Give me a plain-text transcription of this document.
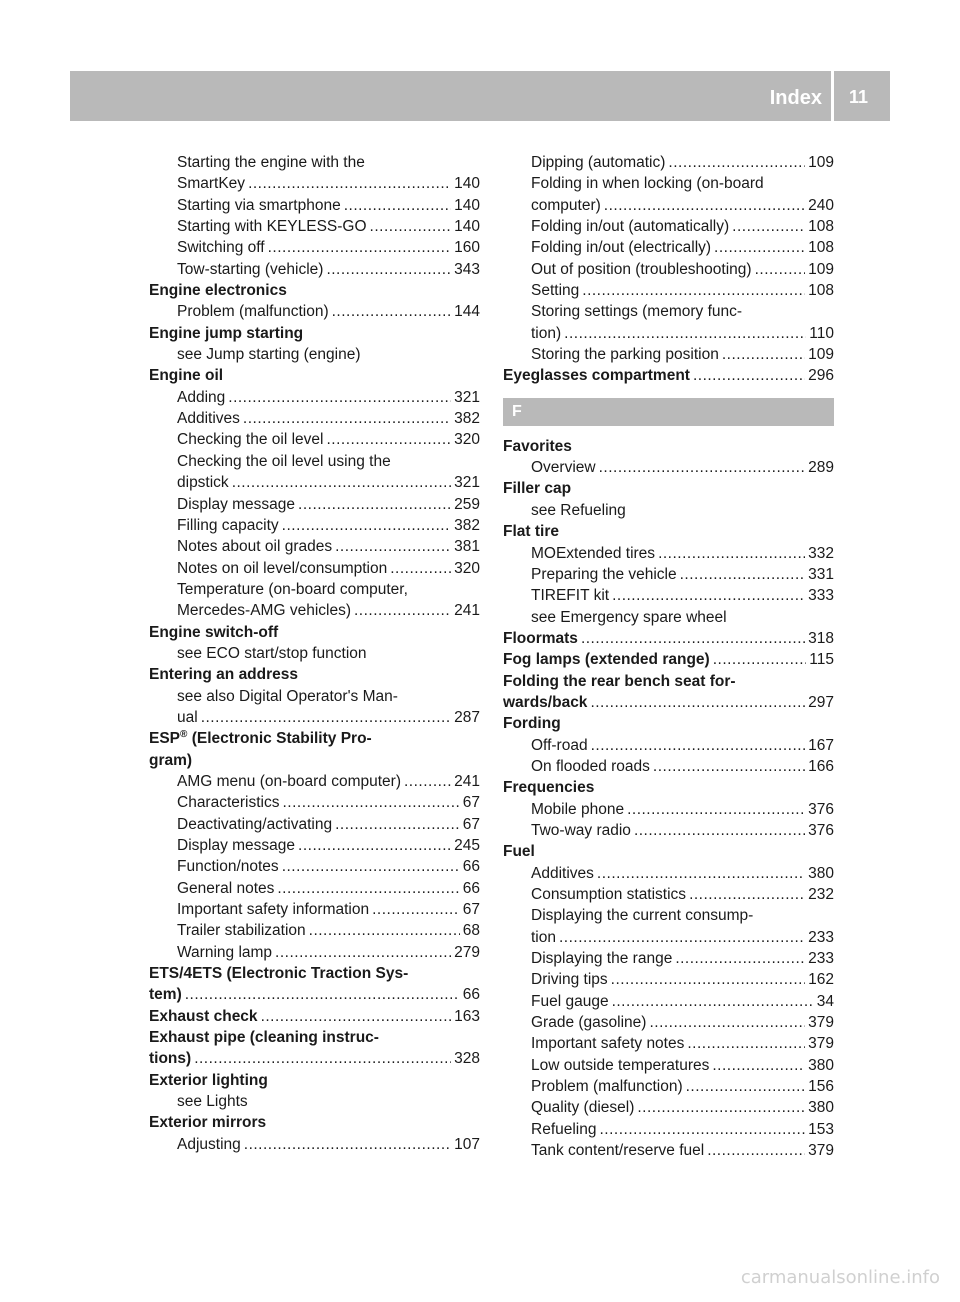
Index 11
Starting the engine with the
SmartKey .....	140
Starting via smartphone .....	140
Starting with KEYLESS-GO .....	140
Switching off .....	160
Tow-starting (vehicle) .....	343
Engine electronics
Problem (malfunction) .....	144
Engine jump starting
see Jump starting (engine)
Engine oil
Adding .....	321
Additives .....	382
Checking the oil level .....	320
Checking the oil level using the
dipstick .....	321
Display message .....	259
Filling capacity .....	382
Notes about oil grades .....	381
Notes on oil level/consumption .....	320
Temperature (on-board computer,
Mercedes-AMG vehicles) .....	241
Engine switch-off
see ECO start/stop function
Entering an address
see also Digital Operator's Man-
ual .....	287
ESP® (Electronic Stability Pro-
gram)
AMG menu (on-board computer) .....	241
Characteristics .....	67
Deactivating/activating .....	67
Display message .....	245
Function/notes .....	66
General notes .....	66
Important safety information .....	67
Trailer stabilization .....	68
Warning lamp .....	279
ETS/4ETS (Electronic Traction Sys-
tem) .....	66
Exhaust check .....	163
Exhaust pipe (cleaning instruc-
tions) .....	328
Exterior lighting
see Lights
Exterior mirrors
Adjusting .....	107
Dipping (automatic) .....	109
Folding in when locking (on-board
computer) .....	240
Folding in/out (automatically) .....	108
Folding in/out (electrically) .....	108
Out of position (troubleshooting) .....	109
Setting .....	108
Storing settings (memory func-
tion) .....	110
Storing the parking position .....	109
Eyeglasses compartment .....	296
F
Favorites
Overview .....	289
Filler cap
see Refueling
Flat tire
MOExtended tires .....	332
Preparing the vehicle .....	331
TIREFIT kit .....	333
see Emergency spare wheel
Floormats .....	318
Fog lamps (extended range) .....	115
Folding the rear bench seat for-
wards/back .....	297
Fording
Off-road .....	167
On flooded roads .....	166
Frequencies
Mobile phone .....	376
Two-way radio .....	376
Fuel
Additives .....	380
Consumption statistics .....	232
Displaying the current consump-
tion .....	233
Displaying the range .....	233
Driving tips .....	162
Fuel gauge .....	34
Grade (gasoline) .....	379
Important safety notes .....	379
Low outside temperatures .....	380
Problem (malfunction) .....	156
Quality (diesel) .....	380
Refueling .....	153
Tank content/reserve fuel .....	379
carmanualsonline.info
